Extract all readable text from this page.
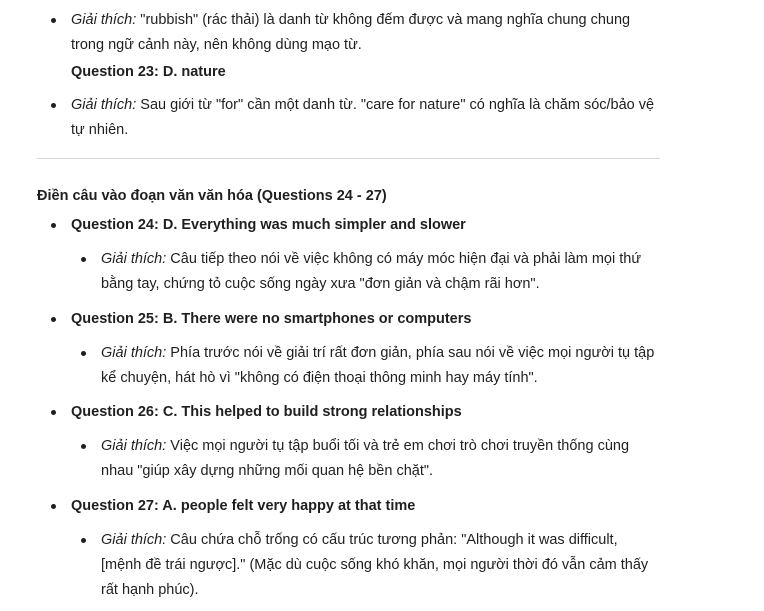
Giải thích: "rubbish" (rác thải) là danh từ không đếm được và mang nghĩa chung chung trong ngữ cảnh này, nên không dùng mạo từ.
Question 23: D. nature
Giải thích: Sau giới từ "for" cần một danh từ. "care for nature" có nghĩa là chăm sóc/bảo vệ tự nhiên.
Điền câu vào đoạn văn văn hóa (Questions 24 - 27)
Question 24: D. Everything was much simpler and slower
Giải thích: Câu tiếp theo nói về việc không có máy móc hiện đại và phải làm mọi thứ bằng tay, chứng tỏ cuộc sống ngày xưa "đơn giản và chậm rãi hơn".
Question 25: B. There were no smartphones or computers
Giải thích: Phía trước nói về giải trí rất đơn giản, phía sau nói về việc mọi người tụ tập kể chuyện, hát hò vì "không có điện thoại thông minh hay máy tính".
Question 26: C. This helped to build strong relationships
Giải thích: Việc mọi người tụ tập buổi tối và trẻ em chơi trò chơi truyền thống cùng nhau "giúp xây dựng những mối quan hệ bền chặt".
Question 27: A. people felt very happy at that time
Giải thích: Câu chứa chỗ trống có cấu trúc tương phản: "Although it was difficult, [mệnh đề trái ngược]." (Mặc dù cuộc sống khó khăn, mọi người thời đó vẫn cảm thấy rất hạnh phúc).
